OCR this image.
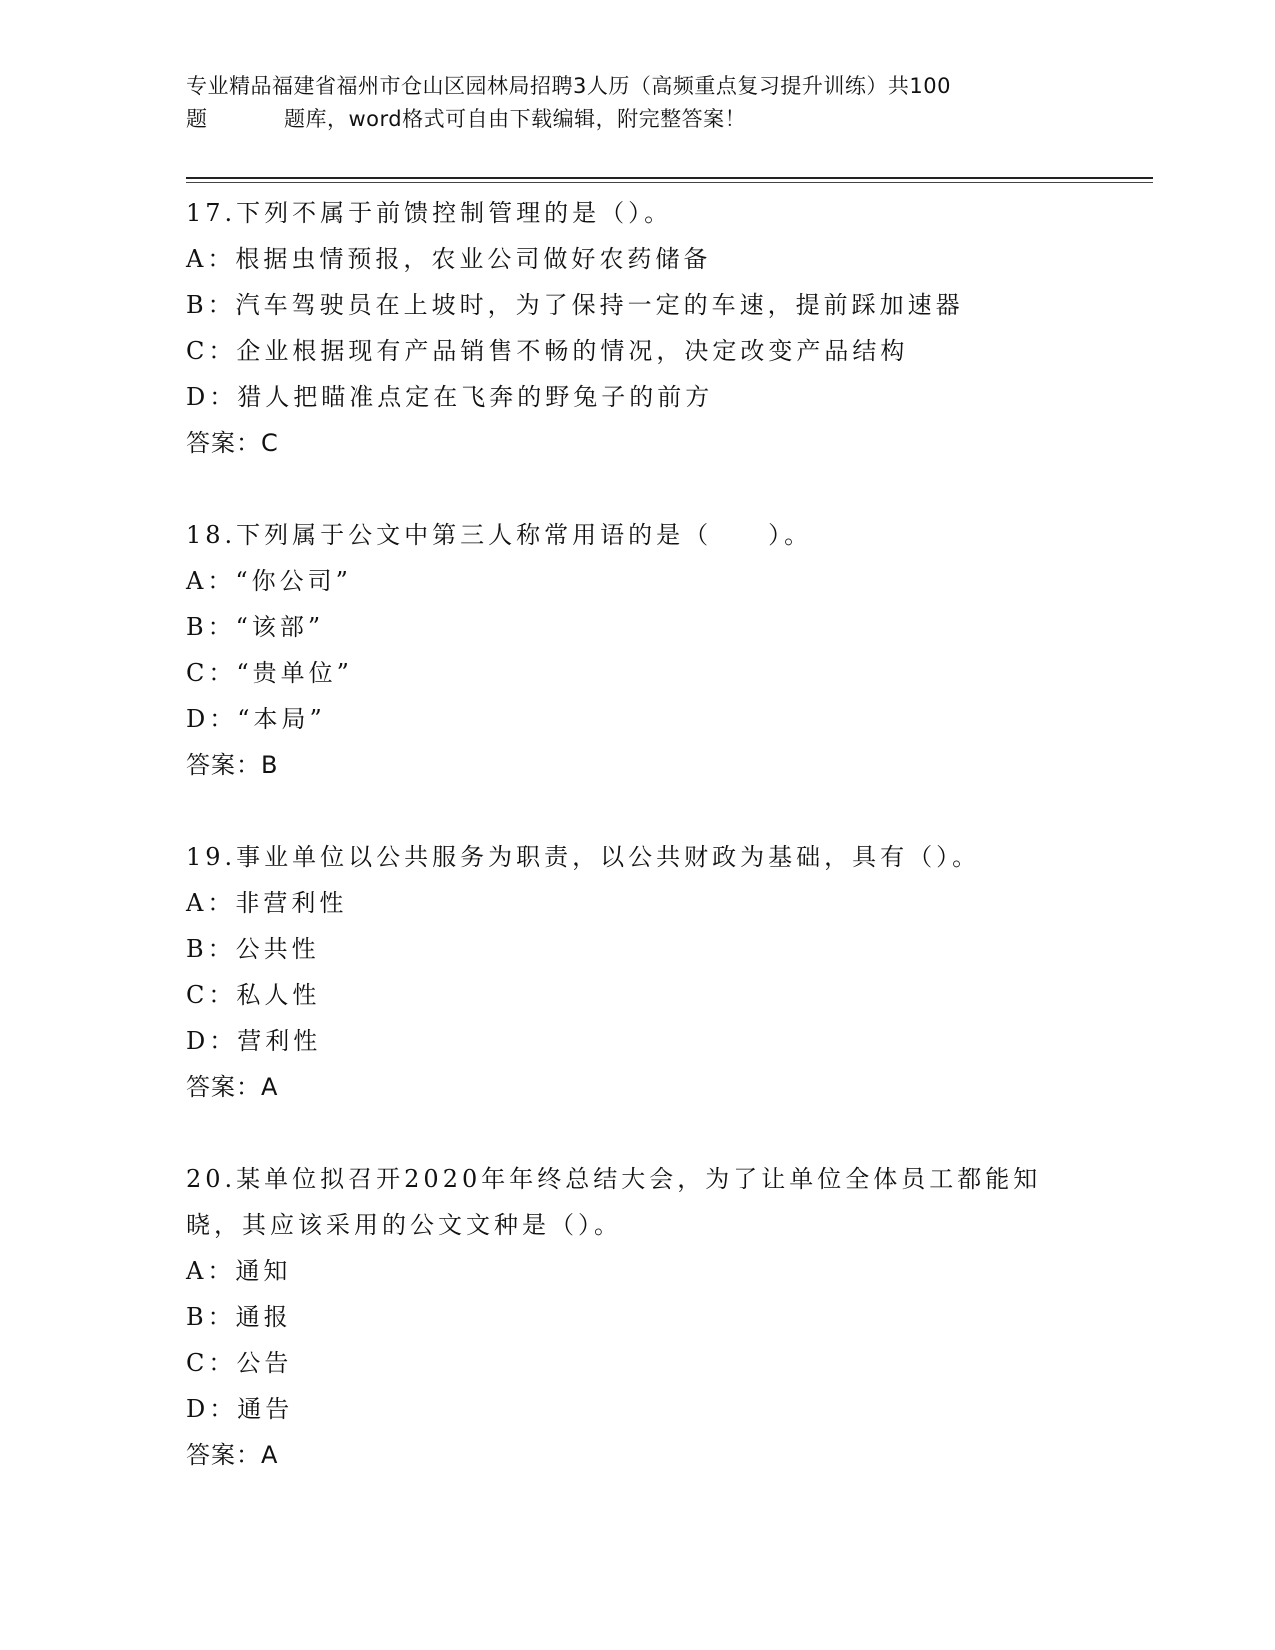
专业精品福建省福州市仓山区园林局招聘3人历（高频重点复习提升训练）共100
题	题库，word格式可自由下载编辑，附完整答案！
17.下列不属于前馈控制管理的是（）。
A：根据虫情预报，农业公司做好农药储备
B：汽车驾驶员在上坡时，为了保持一定的车速，提前踩加速器
C：企业根据现有产品销售不畅的情况，决定改变产品结构
D：猎人把瞄准点定在飞奔的野兔子的前方
答案：C
18.下列属于公文中第三人称常用语的是（　　）。
A：“你公司”
B：“该部”
C：“贵单位”
D：“本局”
答案：B
19.事业单位以公共服务为职责，以公共财政为基础，具有（）。
A：非营利性
B：公共性
C：私人性
D：营利性
答案：A
20.某单位拟召开2020年年终总结大会，为了让单位全体员工都能知晓，其应该采用的公文文种是（）。
A：通知
B：通报
C：公告
D：通告
答案：A
